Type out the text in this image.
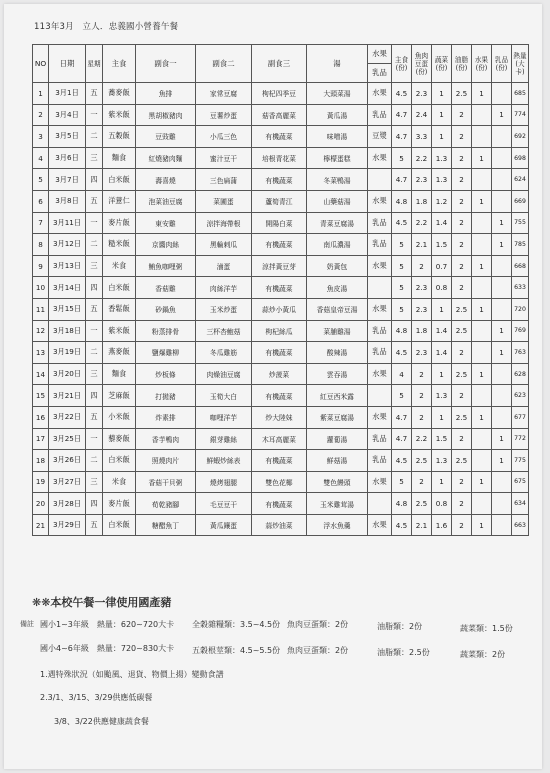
113年3月　立人．忠義國小營養午餐
NO	日期	星期	主食	副食一	副食二	副食三	湯	水果
乳品	主食(份)	魚肉豆蛋(份)	蔬菜(份)	油脂(份)	水果(份)	乳品(份)	熱量(大卡)

1	3月1日	五	蕎麥飯	魚排	家常豆腐	枸杞四季豆	大頭菜湯	水果	4.5	2.3	1	2.5	1		685
2	3月4日	一	紫米飯	黑胡椒豬肉	豆薯炒蛋	菇香高麗菜	黃瓜湯	乳品	4.7	2.4	1	2		1	774
3	3月5日	二	五穀飯	豆豉雞	小瓜三色	有機蔬菜	味噌湯	豆漿	4.7	3.3	1	2			692
4	3月6日	三	麵食	紅燒豬肉麵	蜜汁豆干	培根青花菜	檸檬蛋糕	水果	5	2.2	1.3	2	1		698
5	3月7日	四	白米飯	壽喜燒	三色扁蒲	有機蔬菜	冬菜鴨湯		4.7	2.3	1.3	2			624
6	3月8日	五	洋薏仁	泡菜油豆腐	菜圃蛋	蘆筍青江	山藥菇湯	水果	4.8	1.8	1.2	2	1		669
7	3月11日	一	麥片飯	東安雞	涼拌海帶根	開陽白菜	青菜豆腐湯	乳品	4.5	2.2	1.4	2		1	755
8	3月12日	二	糙米飯	京醬肉絲	黑輪刺瓜	有機蔬菜	南瓜濃湯	乳品	5	2.1	1.5	2		1	785
9	3月13日	三	米食	鮪魚咖哩粥	滷蛋	涼拌黃豆芽	奶黃包	水果	5	2	0.7	2	1		668
10	3月14日	四	白米飯	香菇雞	肉絲洋芋	有機蔬菜	魚皮湯		5	2.3	0.8	2			633
11	3月15日	五	香鬆飯	砂鍋魚	玉米炒蛋	蒜炒小黃瓜	香菇皇帝豆湯	水果	5	2.3	1	2.5	1		720
12	3月18日	一	紫米飯	粉蒸排骨	三杯杏鮑菇	枸杞絲瓜	菜脯雞湯	乳品	4.8	1.8	1.4	2.5		1	769
13	3月19日	二	燕麥飯	鹽爆雞柳	冬瓜雞筋	有機蔬菜	酸辣湯	乳品	4.5	2.3	1.4	2		1	763
14	3月20日	三	麵食	炒板條	肉燥油豆腐	炒菠菜	雲吞湯	水果	4	2	1	2.5	1		628
15	3月21日	四	芝麻飯	打拋豬	玉筍大白	有機蔬菜	紅豆西米露		5	2	1.3	2			623
16	3月22日	五	小米飯	炸素排	咖哩洋芋	炒大陸妹	紫菜豆腐湯	水果	4.7	2	1	2.5	1		677
17	3月25日	一	藜麥飯	香芋鴨肉	銀芽雞絲	木耳高麗菜	蘿蔔湯	乳品	4.7	2.2	1.5	2		1	772
18	3月26日	二	白米飯	照燒肉片	鮮蝦炒絲表	有機蔬菜	鮮菇湯	乳品	4.5	2.5	1.3	2.5		1	775
19	3月27日	三	米食	香菇干貝粥	燒烤翅腿	雙色花椰	雙色饅頭	水果	5	2	1	2	1		675
20	3月28日	四	麥片飯	荀乾豬腳	毛豆豆干	有機蔬菜	玉米雞茸湯		4.8	2.5	0.8	2			634
21	3月29日	五	白米飯	糖醋魚丁	黃瓜鑲蛋	蒜炒油菜	浮水魚羹	水果	4.5	2.1	1.6	2	1		663
❋❋本校午餐一律使用國產豬
備註 國小1~3年級　熱量：620~720大卡 全穀雜糧類：3.5~4.5份 魚肉豆蛋類：2份	油脂類：2份	蔬菜類：1.5份
國小4~6年級　熱量：720~830大卡 五穀根莖類：4.5~5.5份 魚肉豆蛋類：2份	油脂類：2.5份	蔬菜類：2份
1.遇特殊狀況（如颱風、退貨、物價上揚）變動食譜
2.3/1、3/15、3/29供應低碳餐
3/8、3/22供應健康蔬食餐
